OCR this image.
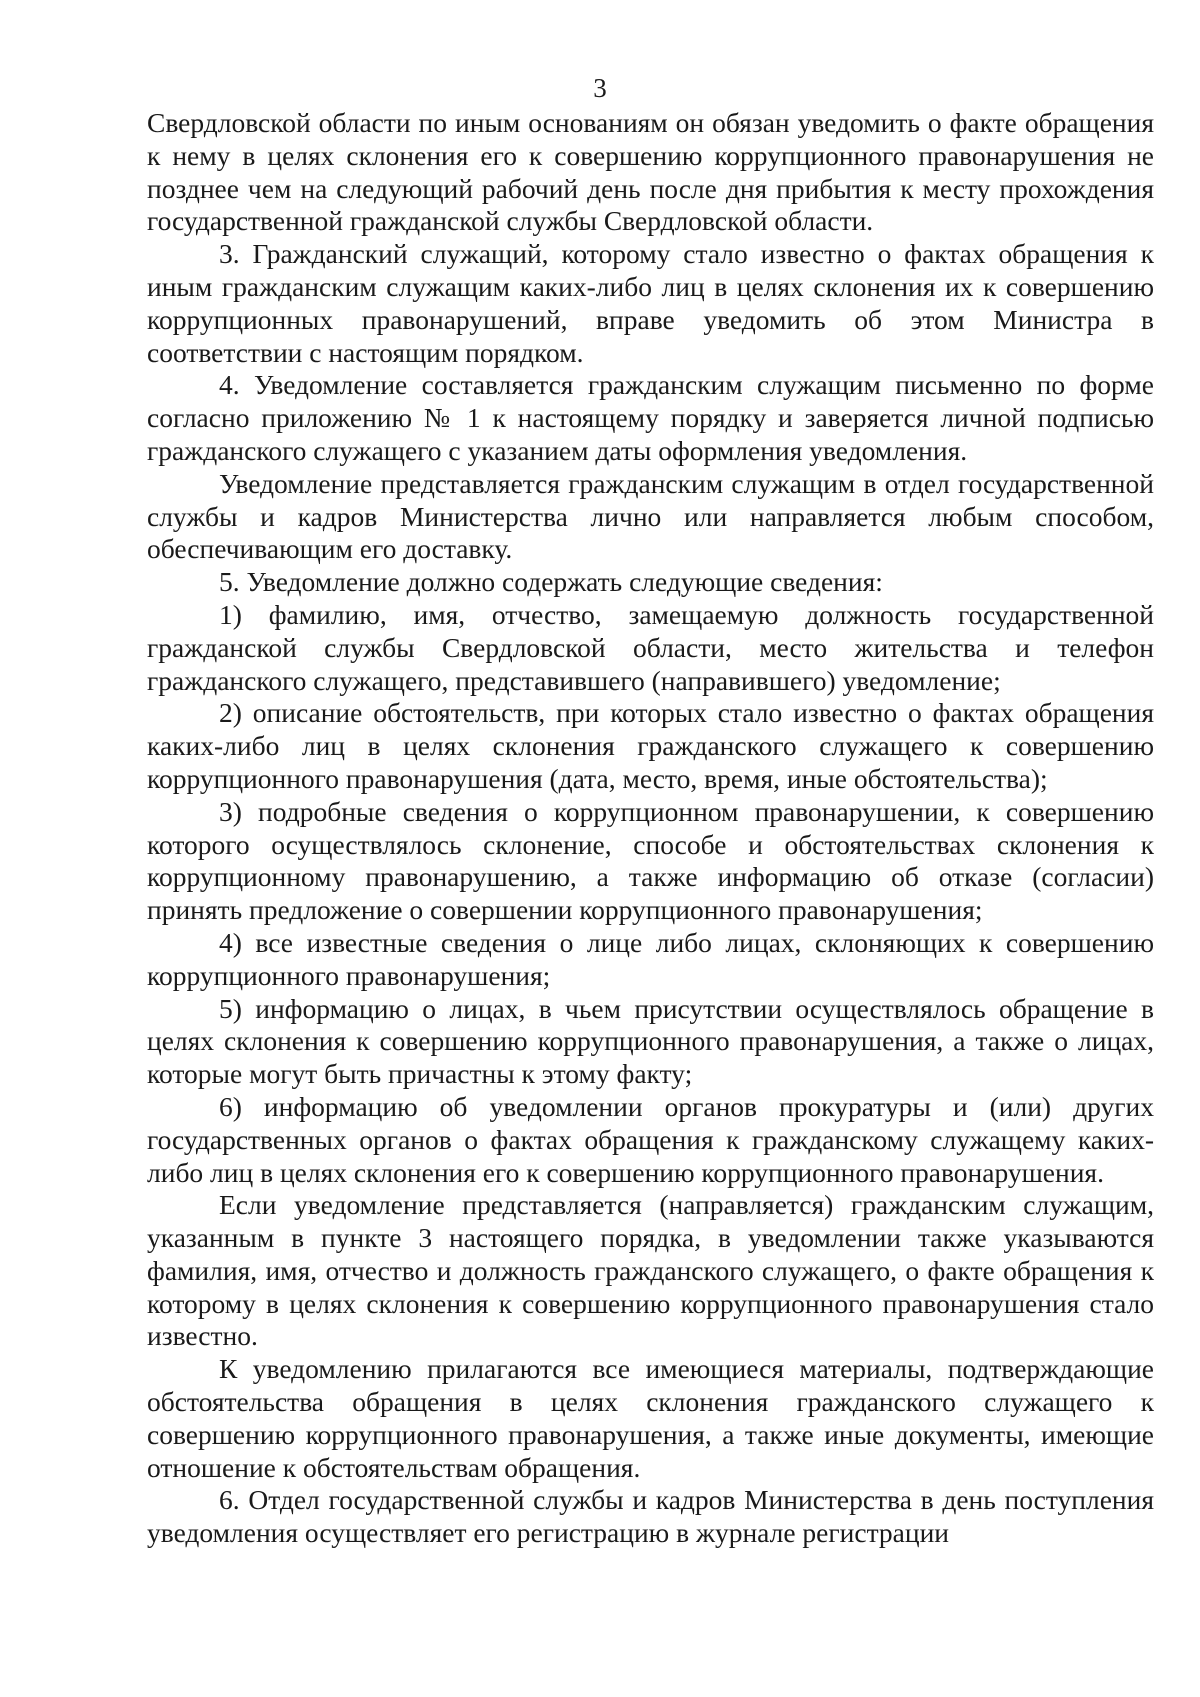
3

Свердловской области по иным основаниям он обязан уведомить о факте обращения к нему в целях склонения его к совершению коррупционного правонарушения не позднее чем на следующий рабочий день после дня прибытия к месту прохождения государственной гражданской службы Свердловской области.

3. Гражданский служащий, которому стало известно о фактах обращения к иным гражданским служащим каких-либо лиц в целях склонения их к совершению коррупционных правонарушений, вправе уведомить об этом Министра в соответствии с настоящим порядком.

4. Уведомление составляется гражданским служащим письменно по форме согласно приложению № 1 к настоящему порядку и заверяется личной подписью гражданского служащего с указанием даты оформления уведомления.

Уведомление представляется гражданским служащим в отдел государственной службы и кадров Министерства лично или направляется любым способом, обеспечивающим его доставку.

5. Уведомление должно содержать следующие сведения:

1) фамилию, имя, отчество, замещаемую должность государственной гражданской службы Свердловской области, место жительства и телефон гражданского служащего, представившего (направившего) уведомление;

2) описание обстоятельств, при которых стало известно о фактах обращения каких-либо лиц в целях склонения гражданского служащего к совершению коррупционного правонарушения (дата, место, время, иные обстоятельства);

3) подробные сведения о коррупционном правонарушении, к совершению которого осуществлялось склонение, способе и обстоятельствах склонения к коррупционному правонарушению, а также информацию об отказе (согласии) принять предложение о совершении коррупционного правонарушения;

4) все известные сведения о лице либо лицах, склоняющих к совершению коррупционного правонарушения;

5) информацию о лицах, в чьем присутствии осуществлялось обращение в целях склонения к совершению коррупционного правонарушения, а также о лицах, которые могут быть причастны к этому факту;

6) информацию об уведомлении органов прокуратуры и (или) других государственных органов о фактах обращения к гражданскому служащему каких-либо лиц в целях склонения его к совершению коррупционного правонарушения.

Если уведомление представляется (направляется) гражданским служащим, указанным в пункте 3 настоящего порядка, в уведомлении также указываются фамилия, имя, отчество и должность гражданского служащего, о факте обращения к которому в целях склонения к совершению коррупционного правонарушения стало известно.

К уведомлению прилагаются все имеющиеся материалы, подтверждающие обстоятельства обращения в целях склонения гражданского служащего к совершению коррупционного правонарушения, а также иные документы, имеющие отношение к обстоятельствам обращения.

6. Отдел государственной службы и кадров Министерства в день поступления уведомления осуществляет его регистрацию в журнале регистрации
